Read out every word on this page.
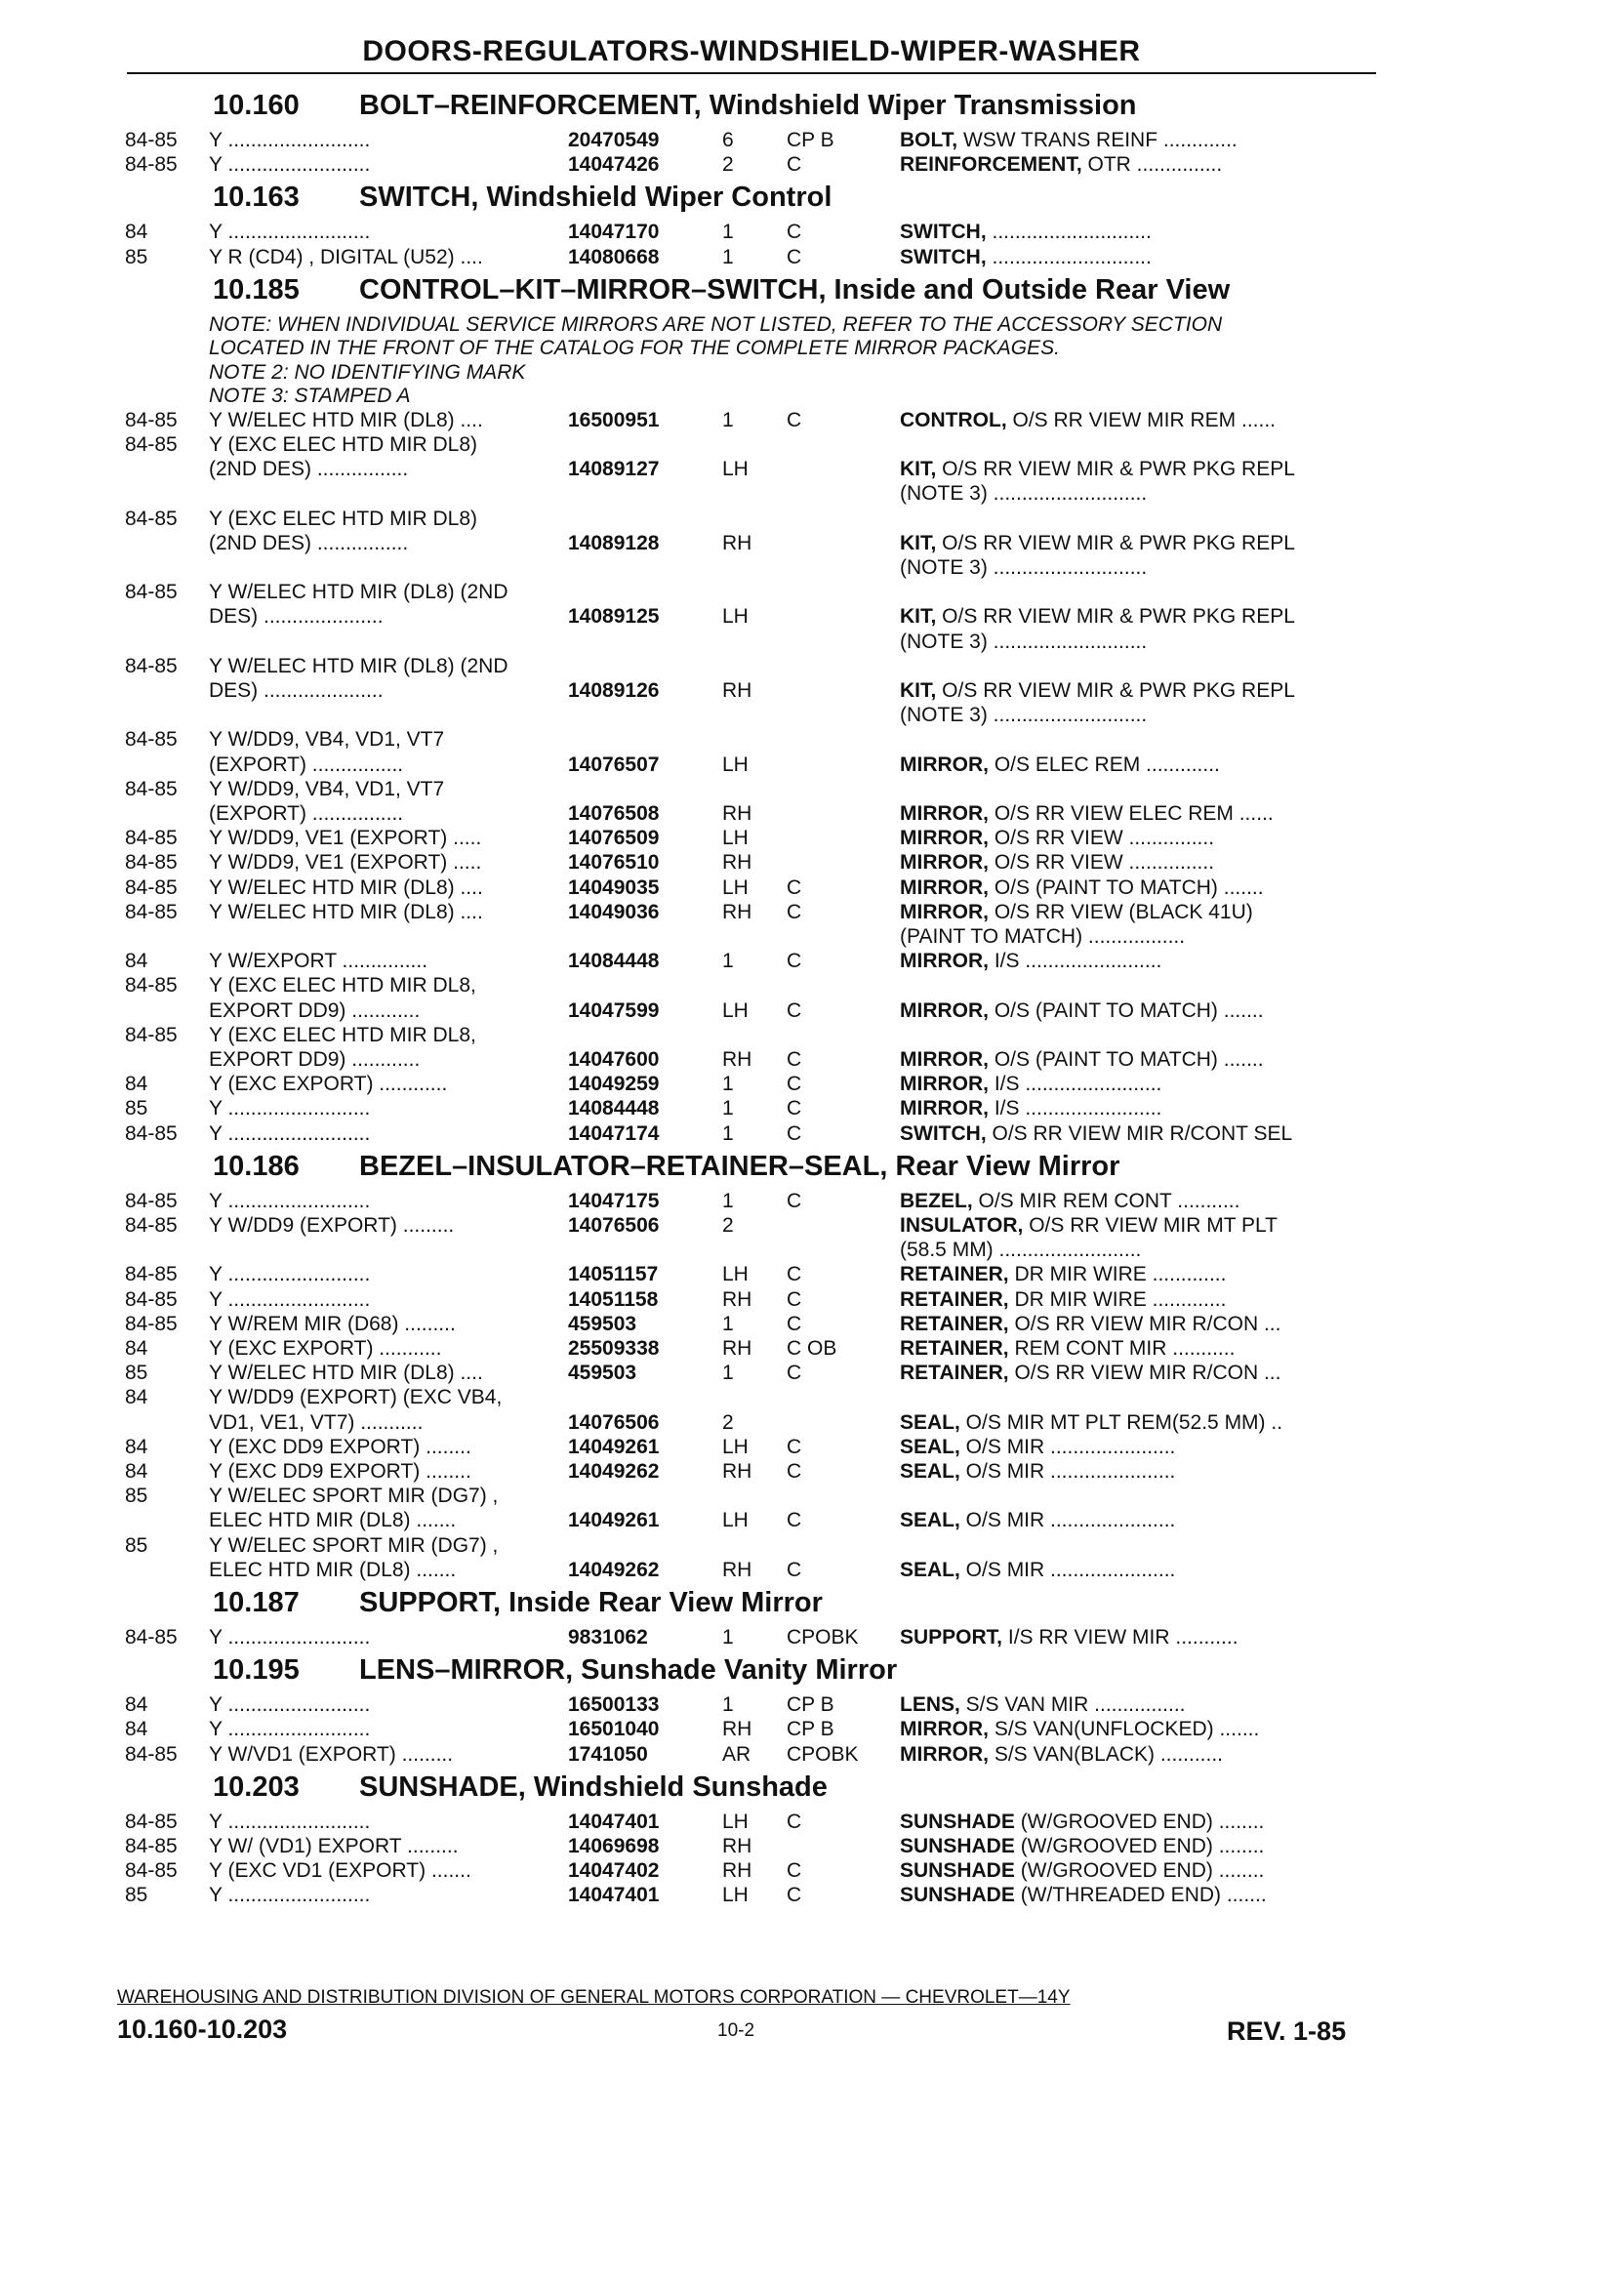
DOORS-REGULATORS-WINDSHIELD-WIPER-WASHER
10.160 BOLT–REINFORCEMENT, Windshield Wiper Transmission
84-85 Y .........................	20470549	6	CP B	BOLT, WSW TRANS REINF .............
84-85 Y .........................	14047426	2	C	REINFORCEMENT, OTR ...............
10.163 SWITCH, Windshield Wiper Control
84	Y .........................	14047170	1	C	SWITCH, ............................
85	Y R (CD4) , DIGITAL (U52) ....	14080668	1	C	SWITCH, ............................
10.185 CONTROL–KIT–MIRROR–SWITCH, Inside and Outside Rear View
NOTE: WHEN INDIVIDUAL SERVICE MIRRORS ARE NOT LISTED, REFER TO THE ACCESSORY SECTION
LOCATED IN THE FRONT OF THE CATALOG FOR THE COMPLETE MIRROR PACKAGES.
NOTE 2: NO IDENTIFYING MARK
NOTE 3: STAMPED A
84-85 Y W/ELEC HTD MIR (DL8) ....	16500951	1	C	CONTROL, O/S RR VIEW MIR REM ......
84-85 Y (EXC ELEC HTD MIR DL8)
(2ND DES) ................	14089127	LH	KIT, O/S RR VIEW MIR & PWR PKG REPL
(NOTE 3) ...........................
84-85 Y (EXC ELEC HTD MIR DL8)
(2ND DES) ................	14089128	RH	KIT, O/S RR VIEW MIR & PWR PKG REPL
(NOTE 3) ...........................
84-85 Y W/ELEC HTD MIR (DL8) (2ND
DES) .....................	14089125	LH	KIT, O/S RR VIEW MIR & PWR PKG REPL
(NOTE 3) ...........................
84-85 Y W/ELEC HTD MIR (DL8) (2ND
DES) .....................	14089126	RH	KIT, O/S RR VIEW MIR & PWR PKG REPL
(NOTE 3) ...........................
84-85 Y W/DD9, VB4, VD1, VT7
(EXPORT) ................	14076507	LH	MIRROR, O/S ELEC REM .............
84-85 Y W/DD9, VB4, VD1, VT7
(EXPORT) ................	14076508	RH	MIRROR, O/S RR VIEW ELEC REM ......
84-85 Y W/DD9, VE1 (EXPORT) .....	14076509	LH	MIRROR, O/S RR VIEW ...............
84-85 Y W/DD9, VE1 (EXPORT) .....	14076510	RH	MIRROR, O/S RR VIEW ...............
84-85 Y W/ELEC HTD MIR (DL8) ....	14049035	LH C	MIRROR, O/S (PAINT TO MATCH) .......
84-85 Y W/ELEC HTD MIR (DL8) ....	14049036	RH C	MIRROR, O/S RR VIEW (BLACK 41U)
(PAINT TO MATCH) .................
84	Y W/EXPORT ...............	14084448	1	C	MIRROR, I/S ........................
84-85 Y (EXC ELEC HTD MIR DL8,
EXPORT DD9) ............	14047599	LH C	MIRROR, O/S (PAINT TO MATCH) .......
84-85 Y (EXC ELEC HTD MIR DL8,
EXPORT DD9) ............	14047600	RH C	MIRROR, O/S (PAINT TO MATCH) .......
84	Y (EXC EXPORT) ............	14049259	1	C	MIRROR, I/S ........................
85	Y .........................	14084448	1	C	MIRROR, I/S ........................
84-85 Y .........................	14047174	1	C	SWITCH, O/S RR VIEW MIR R/CONT SEL
10.186 BEZEL–INSULATOR–RETAINER–SEAL, Rear View Mirror
84-85 Y .........................	14047175	1	C	BEZEL, O/S MIR REM CONT ...........
84-85 Y W/DD9 (EXPORT) .........	14076506	2	INSULATOR, O/S RR VIEW MIR MT PLT
(58.5 MM) .........................
84-85 Y .........................	14051157	LH C	RETAINER, DR MIR WIRE .............
84-85 Y .........................	14051158	RH C	RETAINER, DR MIR WIRE .............
84-85 Y W/REM MIR (D68) .........	459503	1	C	RETAINER, O/S RR VIEW MIR R/CON ...
84	Y (EXC EXPORT) ...........	25509338	RH C OB	RETAINER, REM CONT MIR ...........
85	Y W/ELEC HTD MIR (DL8) ....	459503	1	C	RETAINER, O/S RR VIEW MIR R/CON ...
84	Y W/DD9 (EXPORT) (EXC VB4,
VD1, VE1, VT7) ...........	14076506	2	SEAL, O/S MIR MT PLT REM(52.5 MM) ..
84	Y (EXC DD9 EXPORT) ........	14049261	LH C	SEAL, O/S MIR ......................
84	Y (EXC DD9 EXPORT) ........	14049262	RH C	SEAL, O/S MIR ......................
85	Y W/ELEC SPORT MIR (DG7) ,
ELEC HTD MIR (DL8) .......	14049261	LH C	SEAL, O/S MIR ......................
85	Y W/ELEC SPORT MIR (DG7) ,
ELEC HTD MIR (DL8) .......	14049262	RH C	SEAL, O/S MIR ......................
10.187 SUPPORT, Inside Rear View Mirror
84-85 Y .........................	9831062	1	CPOBK SUPPORT, I/S RR VIEW MIR ...........
10.195 LENS–MIRROR, Sunshade Vanity Mirror
84	Y .........................	16500133	1	CP B	LENS, S/S VAN MIR ................
84	Y .........................	16501040	RH CP B	MIRROR, S/S VAN(UNFLOCKED) .......
84-85 Y W/VD1 (EXPORT) .........	1741050	AR CPOBK MIRROR, S/S VAN(BLACK) ...........
10.203 SUNSHADE, Windshield Sunshade
84-85 Y .........................	14047401	LH C	SUNSHADE (W/GROOVED END) ........
84-85 Y W/ (VD1) EXPORT .........	14069698	RH	SUNSHADE (W/GROOVED END) ........
84-85 Y (EXC VD1 (EXPORT) .......	14047402	RH C	SUNSHADE (W/GROOVED END) ........
85	Y .........................	14047401	LH C	SUNSHADE (W/THREADED END) .......
WAREHOUSING AND DISTRIBUTION DIVISION OF GENERAL MOTORS CORPORATION — CHEVROLET—14Y
10.160-10.203	10-2	REV. 1-85
